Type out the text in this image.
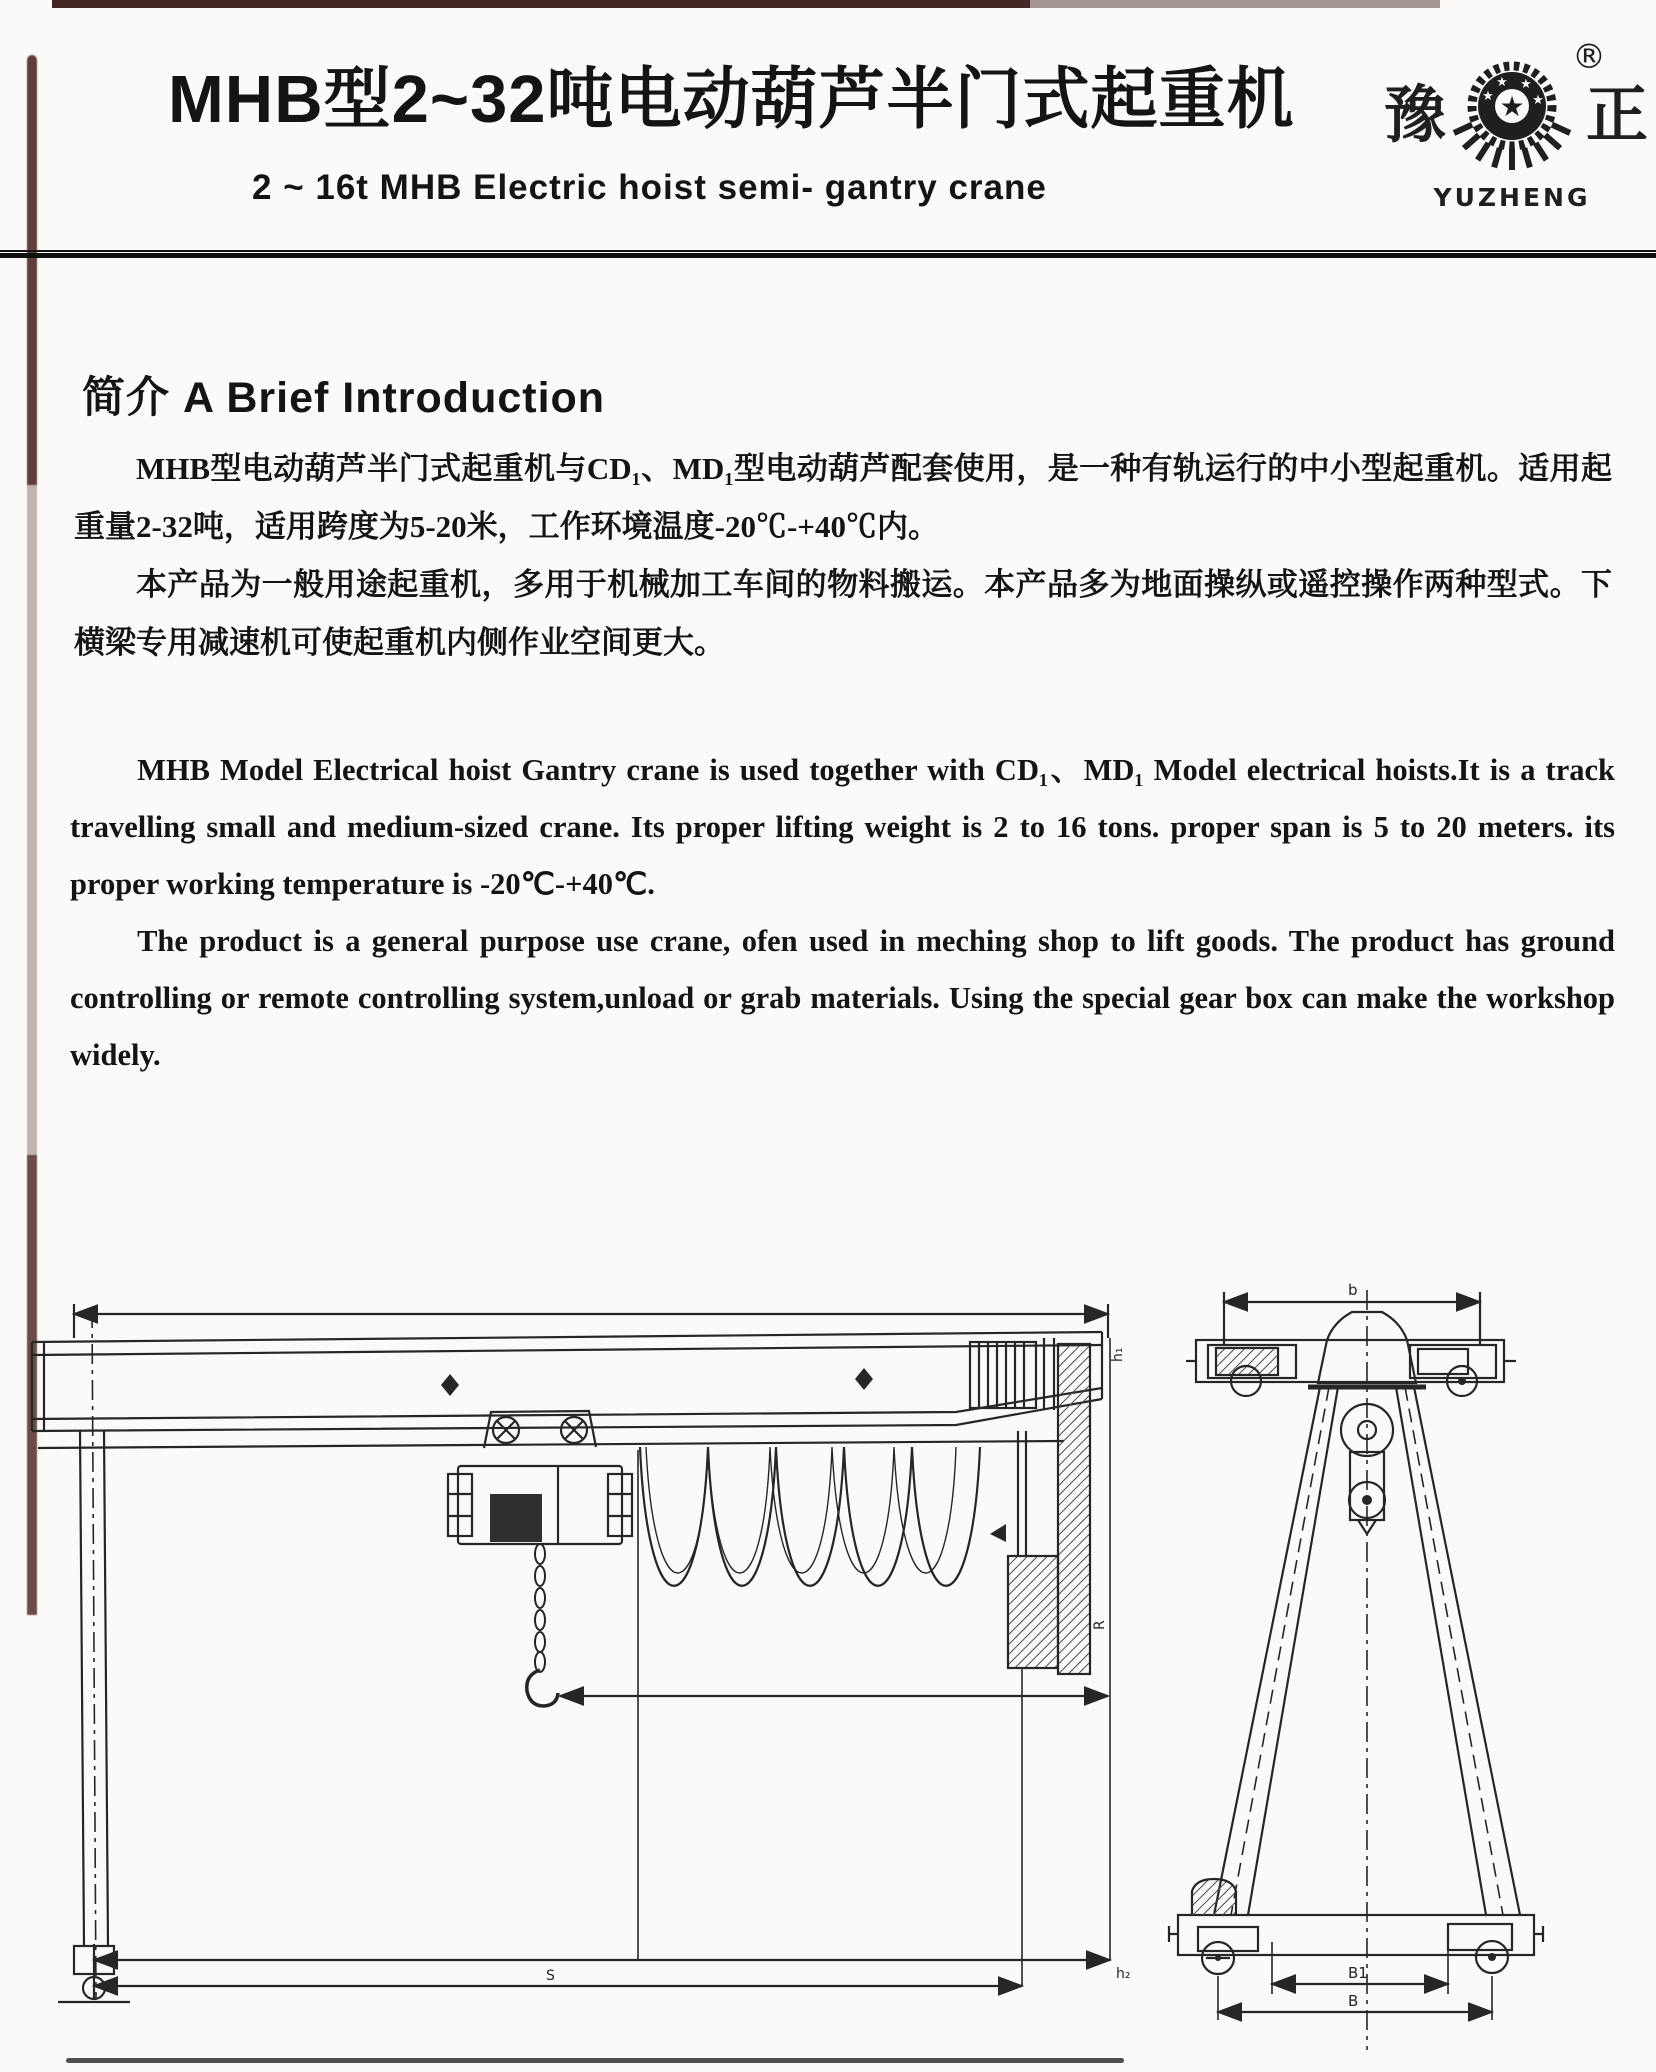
MHB型2~32吨电动葫芦半门式起重机
2 ~ 16t MHB Electric hoist semi- gantry crane
豫 正
®
★
★
★ ★
★
YUZHENG
简介 A Brief Introduction

MHB型电动葫芦半门式起重机与CD₁、MD₁型电动葫芦配套使用，是一种有轨运行的中小型起重机。适用起重量2-32吨，适用跨度为5-20米，工作环境温度-20℃-+40℃内。

本产品为一般用途起重机，多用于机械加工车间的物料搬运。本产品多为地面操纵或遥控操作两种型式。下横梁专用减速机可使起重机内侧作业空间更大。

MHB Model Electrical hoist Gantry crane is used together with CD₁、MD₁ Model electrical hoists.It is a track travelling small and medium-sized crane. Its proper lifting weight is 2 to 16 tons. proper span is 5 to 20 meters. its proper working temperature is -20℃-+40℃.

The product is a general purpose use crane, ofen used in meching shop to lift goods. The product has ground controlling or remote controlling system,unload or grab materials. Using the special gear box can make the workshop widely.

h₁
R
h₂
S
b
B1
B
